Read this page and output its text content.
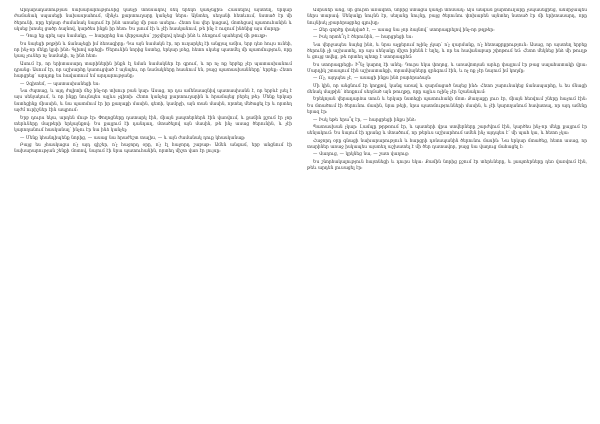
Արդարադատության նախարարությունից կանչի տոմսակով մեկ երեկո կանչեցին: Հասնելով այնտեղ, երկար ժամանակ սպասեցի նախասրահում, մինչև քարտուղարը կանչեց ներս: Այնտեղ, սեղանի հետևում, նստած էր մի ծերունի, որը երկար ժամանակ նայում էր ինձ առանց մի բառ ասելու: Հետո նա վեր կացավ, մոտեցավ պատուհանին և սկսեց խոսել ցածր ձայնով, կարծես ինքն իր հետ: Ես լսում էի և չէի հասկանում, թե ինչ է ուզում ինձնից այս մարդը:

— Դուք եք գրել այս նամակը, — հարցրեց նա վերջապես՝ շրջվելով դեպի ինձ և ձեռքում պահելով մի թուղթ:

Ես նայեցի թղթին և ճանաչեցի իմ ձեռագիրը: Դա այն նամակն էր, որ ուղարկել էի անցյալ ամիս, երբ դեռ հույս ունեի, որ ինչ-որ մեկը կլսի ինձ: Գլխով արեցի: Ծերունին նորից նստեց, երկար լռեց, հետո սկսեց պատմել մի պատմություն, որը կապ չուներ ոչ նամակի, ոչ ինձ հետ:

Ասում էր, որ երիտասարդ տարիներին ինքն էլ նման նամակներ էր գրում, և որ ոչ ոք երբեք չէր պատասխանում դրանց: Ասում էր, որ աշխարհը կառուցված է այնպես, որ նամակները հասնում են, բայց պատասխանները՝ երբեք: Հետո հարցրեց՝ արդյոք ես հավատում եմ արդարությանը:

— Չգիտեմ, — պատասխանեցի ես:

Նա ժպտաց, և այդ ժպիտի մեջ ինչ-որ տխուր բան կար: Ասաց, որ դա ամենաազնիվ պատասխանն է, որ երբևէ լսել է այս սենյակում, և որ ինքը նույնպես այլևս չգիտի: Հետո կանչեց քարտուղարին և հրամայեց բերել թեյ: Մենք երկար նստեցինք միասին, և նա պատմում էր իր քաղաքի մասին, գետի, կամրջի, այն տան մասին, որտեղ մեծացել էր և որտեղ այժմ ուրիշներ էին ապրում:

Երբ դուրս եկա, արդեն մութ էր: Փողոցները դատարկ էին, միայն լապտերներն էին վառվում, և քամին քշում էր չոր տերևները մայթերի երկայնքով: Ես քայլում էի դանդաղ, մտածելով այն մասին, թե ինչ ասաց ծերունին, և չէի կարողանում հասկանալ՝ ինչու էր նա ինձ կանչել:

— Մենք կհանդիպենք նորից, — ասաց նա հրաժեշտ տալիս, — և այն ժամանակ դուք կհասկանաք:

Բայց ես չհասկացա ո՛չ այդ գիշեր, ո՛չ հաջորդ օրը, ո՛չ էլ հաջորդ շաբաթ: Ամեն անգամ, երբ անցնում էի նախարարության շենքի մոտով, նայում էի նրա պատուհանին, որտեղ միշտ վառ էր լույսը:

Ամիսներ անց, մի ցուրտ առավոտ, նորից ստացա կանչի տոմսակ: Այս անգամ քարտուղարը չսպասեցրեց, անմիջապես ներս տարավ: Սենյակը նույնն էր, սեղանը նույնը, բայց ծերունու փոխարեն այնտեղ նստած էր մի երիտասարդ, որը նույնիսկ չբարձրացրեց գլուխը:

— Ձեր գործը փակված է, — ասաց նա չոր ձայնով՝ ստորագրելով ինչ-որ թղթեր:

— Իսկ որտե՞ղ է ծերունին, — հարցրեցի ես:

Նա վերջապես նայեց ինձ, և նրա աչքերում ոչինչ չկար՝ ո՛չ զարմանք, ո՛չ հետաքրքրություն: Ասաց, որ այստեղ երբեք ծերունի չի աշխատել, որ այս սենյակը միշտ իրենն է եղել, և որ ես հավանաբար շփոթում եմ: Հետո մեկնեց ինձ մի թուղթ և ցույց տվեց, թե որտեղ պետք է ստորագրեմ:

Ես ստորագրեցի: Ի՞նչ կարող էի անել: Դուրս եկա փողոց, և առավոտյան արևը փայլում էր թաց սալահատակի վրա: Մարդիկ շտապում էին աշխատանքի, տրամվայները զրնգում էին, և ոչ ոք չէր նայում իմ կողմը:

— Ո՛չ, այդպես չէ, — ասացի ինքս ինձ բարձրաձայն:

Մի կին, որ անցնում էր կողքով, կանգ առավ և զարմացած նայեց ինձ: Հետո շարունակեց ճանապարհը, և ես մնացի մենակ մայթին՝ ձեռքում սեղմած այն թուղթը, որը այլևս ոչինչ չէր նշանակում:

Երեկոյան վերադարձա տուն և երկար նստեցի պատուհանի մոտ: Քաղաքը լուռ էր, միայն հեռվում շները հաչում էին: Ես մտածում էի ծերունու մասին, նրա թեյի, նրա պատմությունների մասին, և չէի կարողանում հավատալ, որ այդ ամենը երազ էր:

— Իսկ եթե երա՞զ էր, — հարցրեցի ինքս ինձ:

Պատասխան չկար: Լամպը թրթռում էր, և պատերի վրա ստվերները շարժվում էին, կարծես ինչ-որ մեկը քայլում էր սենյակում: Ես նայում էի դրանց և մտածում, որ թերևս աշխարհում ամեն ինչ այդպես է՝ մի պահ կա, և հետո չկա:

Հաջորդ օրը գնացի նախարարություն և հարցրի դռնապանին ծերունու մասին: Նա երկար մտածեց, հետո ասաց, որ տարիներ առաջ իսկապես այստեղ աշխատել է մի ծեր դատավոր, բայց նա վաղուց մահացել է:

— Վաղուց, — կրկնեց նա, — շատ վաղուց:

Ես շնորհակալություն հայտնեցի և դուրս եկա: Քամին նորից քշում էր տերևները, և լապտերները դեռ վառվում էին, թեև արդեն լուսացել էր:
